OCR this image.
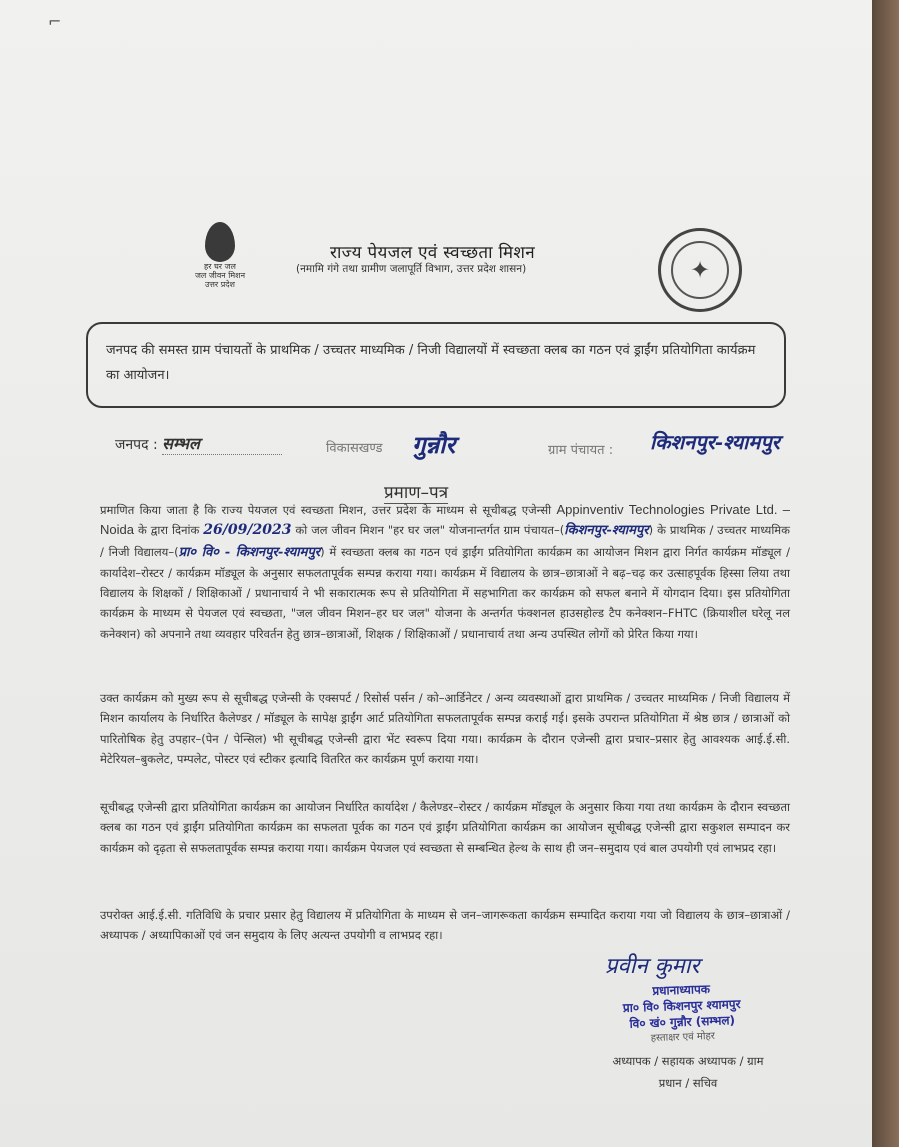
⌐
हर घर जल
जल जीवन मिशन
उत्तर प्रदेश
राज्य पेयजल एवं स्वच्छता मिशन
(नमामि गंगे तथा ग्रामीण जलापूर्ति विभाग, उत्तर प्रदेश शासन)	✦
जनपद की समस्त ग्राम पंचायतों के प्राथमिक / उच्चतर माध्यमिक / निजी विद्यालयों में स्वच्छता क्लब का गठन एवं ड्राईंग प्रतियोगिता कार्यक्रम का आयोजन।
जनपद : सम्भल	विकासखण्ड गुन्नौर	ग्राम पंचायत : किशनपुर-श्यामपुर
प्रमाण–पत्र
प्रमाणित किया जाता है कि राज्य पेयजल एवं स्वच्छता मिशन, उत्तर प्रदेश के माध्यम से सूचीबद्ध एजेन्सी Appinventiv Technologies Private Ltd. – Noida के द्वारा दिनांक 26/09/2023 को जल जीवन मिशन "हर घर जल" योजनान्तर्गत ग्राम पंचायत–(किशनपुर-श्यामपुर) के प्राथमिक / उच्चतर माध्यमिक / निजी विद्यालय–(प्रा० वि० - किशनपुर-श्यामपुर) में स्वच्छता क्लब का गठन एवं ड्राईंग प्रतियोगिता कार्यक्रम का आयोजन मिशन द्वारा निर्गत कार्यक्रम मॉड्यूल / कार्यादेश–रोस्टर / कार्यक्रम मॉड्यूल के अनुसार सफलतापूर्वक सम्पन्न कराया गया। कार्यक्रम में विद्यालय के छात्र–छात्राओं ने बढ़–चढ़ कर उत्साहपूर्वक हिस्सा लिया तथा विद्यालय के शिक्षकों / शिक्षिकाओं / प्रधानाचार्य ने भी सकारात्मक रूप से प्रतियोगिता में सहभागिता कर कार्यक्रम को सफल बनाने में योगदान दिया। इस प्रतियोगिता कार्यक्रम के माध्यम से पेयजल एवं स्वच्छता, "जल जीवन मिशन–हर घर जल" योजना के अन्तर्गत फंक्शनल हाउसहोल्ड टैप कनेक्शन–FHTC (क्रियाशील घरेलू नल कनेक्शन) को अपनाने तथा व्यवहार परिवर्तन हेतु छात्र–छात्राओं, शिक्षक / शिक्षिकाओं / प्रधानाचार्य तथा अन्य उपस्थित लोगों को प्रेरित किया गया।
उक्त कार्यक्रम को मुख्य रूप से सूचीबद्ध एजेन्सी के एक्सपर्ट / रिसोर्स पर्सन / को–आर्डिनेटर / अन्य व्यवस्थाओं द्वारा प्राथमिक / उच्चतर माध्यमिक / निजी विद्यालय में मिशन कार्यालय के निर्धारित कैलेण्डर / मॉड्यूल के सापेक्ष ड्राईंग आर्ट प्रतियोगिता सफलतापूर्वक सम्पन्न कराई गई। इसके उपरान्त प्रतियोगिता में श्रेष्ठ छात्र / छात्राओं को पारितोषिक हेतु उपहार–(पेन / पेन्सिल) भी सूचीबद्ध एजेन्सी द्वारा भेंट स्वरूप दिया गया। कार्यक्रम के दौरान एजेन्सी द्वारा प्रचार–प्रसार हेतु आवश्यक आई.ई.सी. मेटेरियल–बुकलेट, पम्पलेट, पोस्टर एवं स्टीकर इत्यादि वितरित कर कार्यक्रम पूर्ण कराया गया।
सूचीबद्ध एजेन्सी द्वारा प्रतियोगिता कार्यक्रम का आयोजन निर्धारित कार्यादेश / कैलेण्डर–रोस्टर / कार्यक्रम मॉड्यूल के अनुसार किया गया तथा कार्यक्रम के दौरान स्वच्छता क्लब का गठन एवं ड्राईंग प्रतियोगिता कार्यक्रम का सफलता पूर्वक का गठन एवं ड्राईंग प्रतियोगिता कार्यक्रम का आयोजन सूचीबद्ध एजेन्सी द्वारा सकुशल सम्पादन कर कार्यक्रम को दृढ़ता से सफलतापूर्वक सम्पन्न कराया गया। कार्यक्रम पेयजल एवं स्वच्छता से सम्बन्धित हेल्थ के साथ ही जन–समुदाय एवं बाल उपयोगी एवं लाभप्रद रहा।
उपरोक्त आई.ई.सी. गतिविधि के प्रचार प्रसार हेतु विद्यालय में प्रतियोगिता के माध्यम से जन–जागरूकता कार्यक्रम सम्पादित कराया गया जो विद्यालय के छात्र–छात्राओं / अध्यापक / अध्यापिकाओं एवं जन समुदाय के लिए अत्यन्त उपयोगी व लाभप्रद रहा।
प्रवीन कुमार
प्रधानाध्यापक
प्रा० वि० किशनपुर श्यामपुर
वि० खं० गुन्नौर (सम्भल)
हस्ताक्षर एवं मोहर
अध्यापक / सहायक अध्यापक / ग्राम
प्रधान / सचिव
